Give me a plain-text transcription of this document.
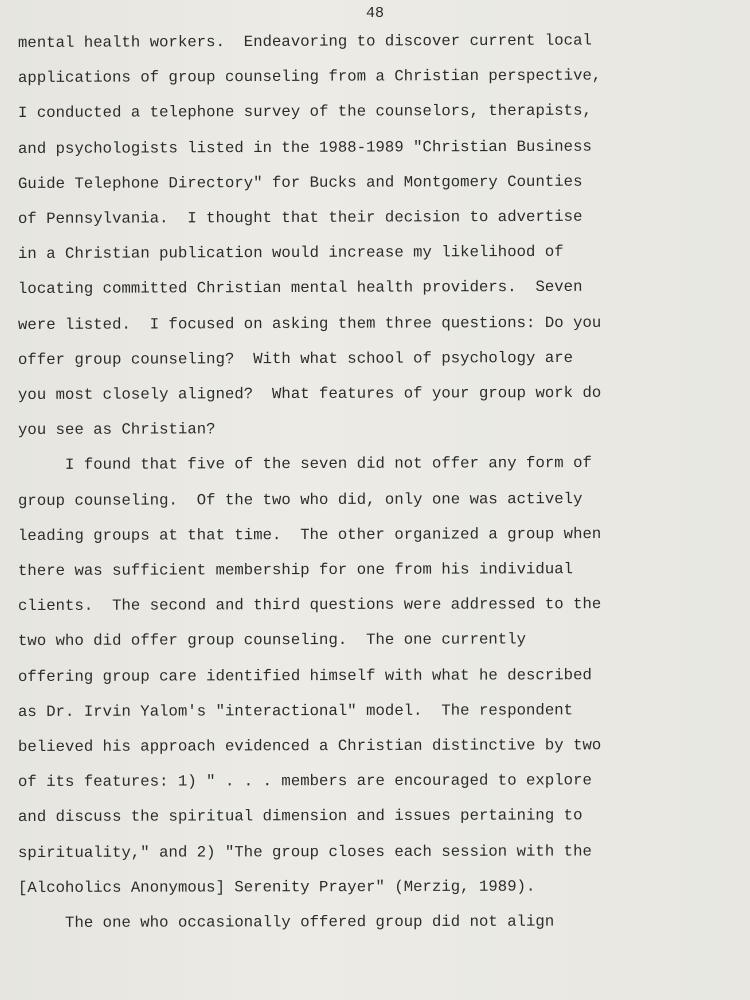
48
mental health workers.  Endeavoring to discover current local
applications of group counseling from a Christian perspective,
I conducted a telephone survey of the counselors, therapists,
and psychologists listed in the 1988-1989 "Christian Business
Guide Telephone Directory" for Bucks and Montgomery Counties
of Pennsylvania.  I thought that their decision to advertise
in a Christian publication would increase my likelihood of
locating committed Christian mental health providers.  Seven
were listed.  I focused on asking them three questions: Do you
offer group counseling?  With what school of psychology are
you most closely aligned?  What features of your group work do
you see as Christian?
I found that five of the seven did not offer any form of
group counseling.  Of the two who did, only one was actively
leading groups at that time.  The other organized a group when
there was sufficient membership for one from his individual
clients.  The second and third questions were addressed to the
two who did offer group counseling.  The one currently
offering group care identified himself with what he described
as Dr. Irvin Yalom's "interactional" model.  The respondent
believed his approach evidenced a Christian distinctive by two
of its features: 1) " . . . members are encouraged to explore
and discuss the spiritual dimension and issues pertaining to
spirituality," and 2) "The group closes each session with the
[Alcoholics Anonymous] Serenity Prayer" (Merzig, 1989).
The one who occasionally offered group did not align
